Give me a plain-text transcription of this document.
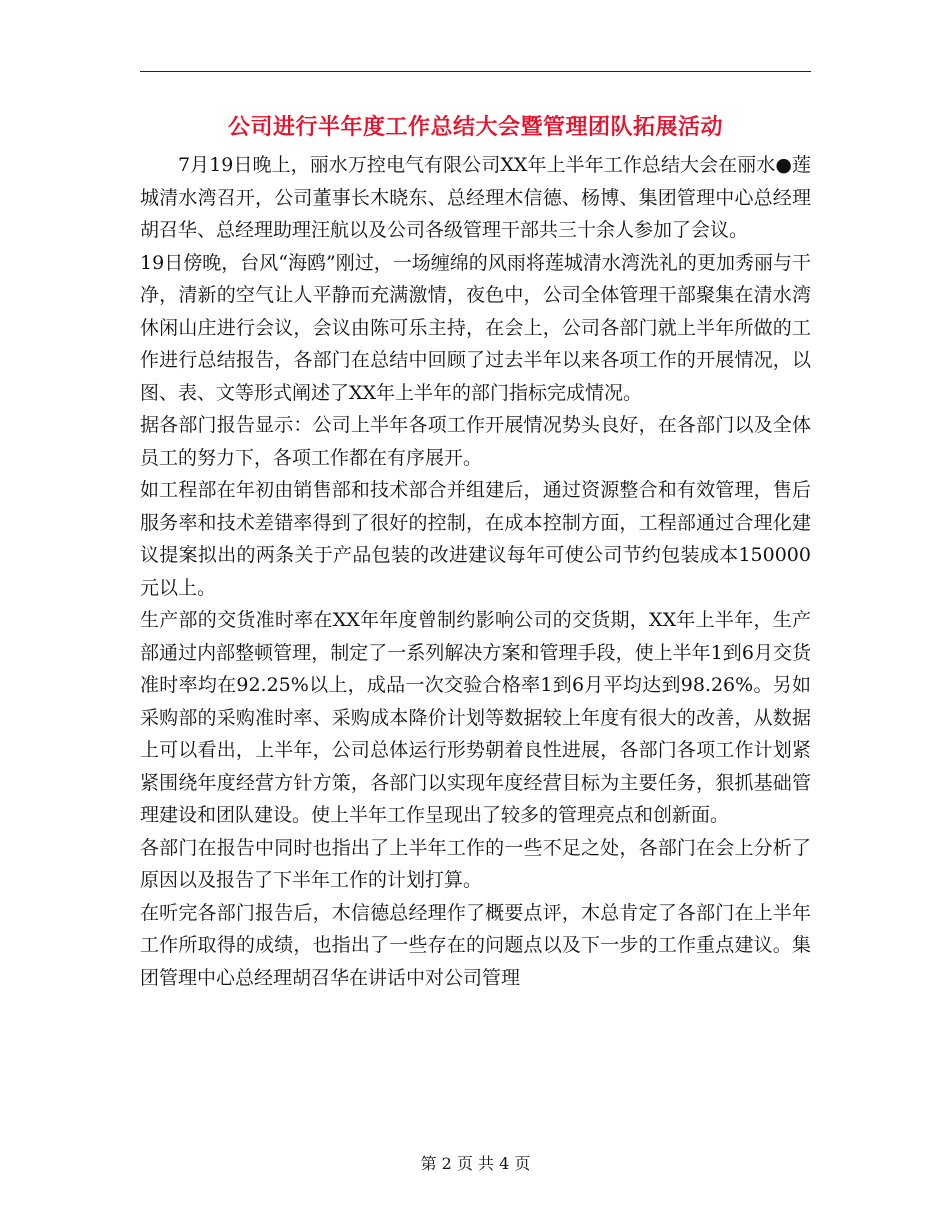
公司进行半年度工作总结大会暨管理团队拓展活动

7月19日晚上，丽水万控电气有限公司XX年上半年工作总结大会在丽水●莲城清水湾召开，公司董事长木晓东、总经理木信德、杨博、集团管理中心总经理胡召华、总经理助理汪航以及公司各级管理干部共三十余人参加了会议。

19日傍晚，台风“海鸥”刚过，一场缠绵的风雨将莲城清水湾洗礼的更加秀丽与干净，清新的空气让人平静而充满激情，夜色中，公司全体管理干部聚集在清水湾休闲山庄进行会议，会议由陈可乐主持，在会上，公司各部门就上半年所做的工作进行总结报告，各部门在总结中回顾了过去半年以来各项工作的开展情况，以图、表、文等形式阐述了XX年上半年的部门指标完成情况。

据各部门报告显示：公司上半年各项工作开展情况势头良好，在各部门以及全体员工的努力下，各项工作都在有序展开。

如工程部在年初由销售部和技术部合并组建后，通过资源整合和有效管理，售后服务率和技术差错率得到了很好的控制，在成本控制方面，工程部通过合理化建议提案拟出的两条关于产品包装的改进建议每年可使公司节约包装成本150000元以上。

生产部的交货准时率在XX年年度曾制约影响公司的交货期，XX年上半年，生产部通过内部整顿管理，制定了一系列解决方案和管理手段，使上半年1到6月交货准时率均在92.25%以上，成品一次交验合格率1到6月平均达到98.26%。另如采购部的采购准时率、采购成本降价计划等数据较上年度有很大的改善，从数据上可以看出，上半年，公司总体运行形势朝着良性进展，各部门各项工作计划紧紧围绕年度经营方针方策，各部门以实现年度经营目标为主要任务，狠抓基础管理建设和团队建设。使上半年工作呈现出了较多的管理亮点和创新面。

各部门在报告中同时也指出了上半年工作的一些不足之处，各部门在会上分析了原因以及报告了下半年工作的计划打算。

在听完各部门报告后，木信德总经理作了概要点评，木总肯定了各部门在上半年工作所取得的成绩，也指出了一些存在的问题点以及下一步的工作重点建议。集团管理中心总经理胡召华在讲话中对公司管理

第 2 页 共 4 页
